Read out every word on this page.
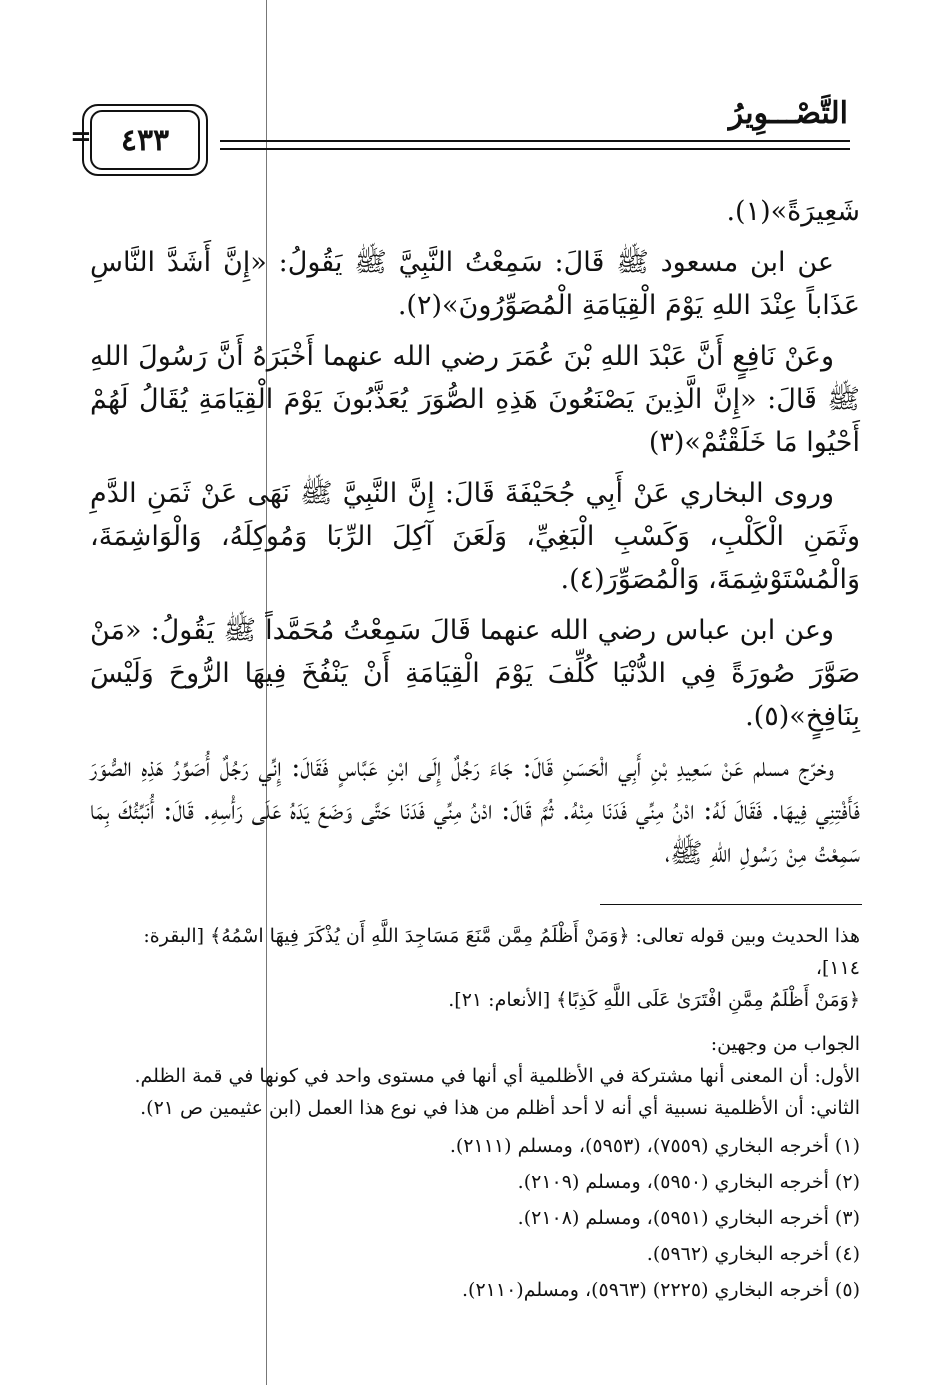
التَّصْـــوِيرُ
٤٣٣
=

شَعِيرَةً»(١).

عن ابن مسعود ﷺ قَالَ: سَمِعْتُ النَّبِيَّ ﷺ يَقُولُ: «إِنَّ أَشَدَّ النَّاسِ عَذَاباً عِنْدَ اللهِ يَوْمَ الْقِيَامَةِ الْمُصَوِّرُونَ»(٢).

وعَنْ نَافِعٍ أَنَّ عَبْدَ اللهِ بْنَ عُمَرَ رضي الله عنهما أَخْبَرَهُ أَنَّ رَسُولَ اللهِ ﷺ قَالَ: «إِنَّ الَّذِينَ يَصْنَعُونَ هَذِهِ الصُّوَرَ يُعَذَّبُونَ يَوْمَ الْقِيَامَةِ يُقَالُ لَهُمْ أَحْيُوا مَا خَلَقْتُمْ»(٣)

وروى البخاري عَنْ أَبِي جُحَيْفَةَ قَالَ: إِنَّ النَّبِيَّ ﷺ نَهَى عَنْ ثَمَنِ الدَّمِ وثَمَنِ الْكَلْبِ، وَكَسْبِ الْبَغِيِّ، وَلَعَنَ آكِلَ الرِّبَا وَمُوكِلَهُ، وَالْوَاشِمَةَ، وَالْمُسْتَوْشِمَةَ، وَالْمُصَوِّرَ(٤).

وعن ابن عباس رضي الله عنهما قَالَ سَمِعْتُ مُحَمَّداً ﷺ يَقُولُ: «مَنْ صَوَّرَ صُورَةً فِي الدُّنْيَا كُلِّفَ يَوْمَ الْقِيَامَةِ أَنْ يَنْفُخَ فِيهَا الرُّوحَ وَلَيْسَ بِنَافِخٍ»(٥).

وخرّج مسلم عَنْ سَعِيدِ بْنِ أَبِي الْحَسَنِ قَالَ: جَاءَ رَجُلٌ إِلَى ابْنِ عَبَّاسٍ فَقَالَ: إِنِّي رَجُلٌ أُصَوِّرُ هَذِهِ الصُّوَرَ فَأَفْتِنِي فِيهَا. فَقَالَ لَهُ: ادْنُ مِنِّي فَدَنَا مِنْهُ. ثُمَّ قَالَ: ادْنُ مِنِّي فَدَنَا حَتَّى وَضَعَ يَدَهُ عَلَى رَأْسِهِ. قَالَ: أُنَبِّئُكَ بِمَا سَمِعْتُ مِنْ رَسُولِ اللهِ ﷺ،

هذا الحديث وبين قوله تعالى: ﴿وَمَنْ أَظْلَمُ مِمَّن مَّنَعَ مَسَاجِدَ اللَّهِ أَن يُذْكَرَ فِيهَا اسْمُهُ﴾ [البقرة: ١١٤]،

﴿وَمَنْ أَظْلَمُ مِمَّنِ افْتَرَىٰ عَلَى اللَّهِ كَذِبًا﴾ [الأنعام: ٢١].

الجواب من وجهين:

الأول: أن المعنى أنها مشتركة في الأظلمية أي أنها في مستوى واحد في كونها في قمة الظلم.

الثاني: أن الأظلمية نسبية أي أنه لا أحد أظلم من هذا في نوع هذا العمل (ابن عثيمين ص ٢١).

(١) أخرجه البخاري (٧٥٥٩)، (٥٩٥٣)، ومسلم (٢١١١).

(٢) أخرجه البخاري (٥٩٥٠)، ومسلم (٢١٠٩).

(٣) أخرجه البخاري (٥٩٥١)، ومسلم (٢١٠٨).

(٤) أخرجه البخاري (٥٩٦٢).

(٥) أخرجه البخاري (٢٢٢٥) (٥٩٦٣)، ومسلم(٢١١٠).
